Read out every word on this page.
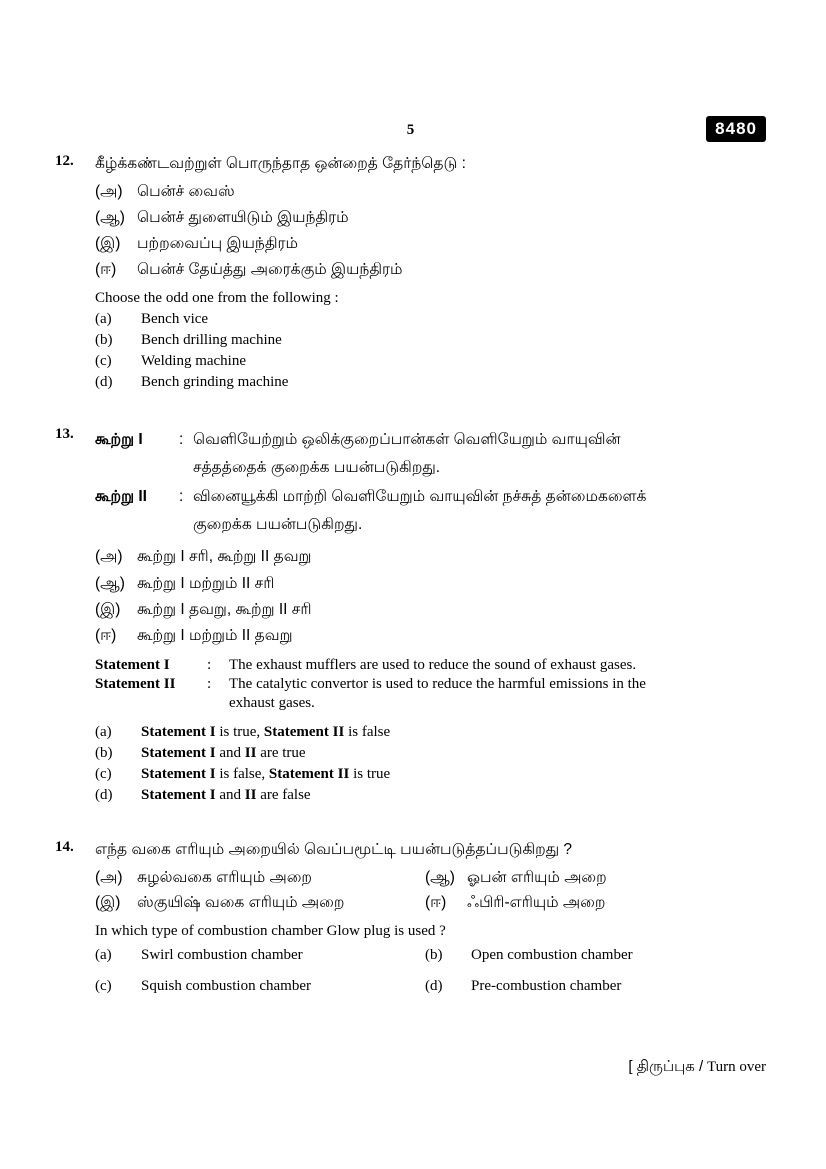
5	8480
12.	கீழ்க்கண்டவற்றுள் பொருந்தாத ஒன்றைத் தேர்ந்தெடு :
(அ) பென்ச் வைஸ்
(ஆ) பென்ச் துளையிடும் இயந்திரம்
(இ)	பற்றவைப்பு இயந்திரம்
(ஈ)	பென்ச் தேய்த்து அரைக்கும் இயந்திரம்
Choose the odd one from the following :
(a)	Bench vice
(b)	Bench drilling machine
(c)	Welding machine
(d)	Bench grinding machine
13.	கூற்று I	: வெளியேற்றும் ஒலிக்குறைப்பான்கள் வெளியேறும் வாயுவின்
சத்தத்தைக் குறைக்க பயன்படுகிறது.
கூற்று II	: வினையூக்கி மாற்றி வெளியேறும் வாயுவின் நச்சுத் தன்மைகளைக்
குறைக்க பயன்படுகிறது.
(அ) கூற்று I சரி, கூற்று II தவறு
(ஆ) கூற்று I மற்றும் II சரி
(இ)	கூற்று I தவறு, கூற்று II சரி
(ஈ)	கூற்று I மற்றும் II தவறு
Statement I	:	The exhaust mufflers are used to reduce the sound of exhaust gases.
Statement II	:	The catalytic convertor is used to reduce the harmful emissions in the
exhaust gases.
(a)	Statement I is true, Statement II is false
(b)	Statement I and II are true
(c)	Statement I is false, Statement II is true
(d)	Statement I and II are false
14.	எந்த வகை எரியும் அறையில் வெப்பமூட்டி பயன்படுத்தப்படுகிறது ?
(அ) சுழல்வகை எரியும் அறை	(ஆ) ஓபன் எரியும் அறை
(இ)	ஸ்குயிஷ் வகை எரியும் அறை	(ஈ)	ஃபிரி-எரியும் அறை
In which type of combustion chamber Glow plug is used ?
(a)	Swirl combustion chamber	(b)	Open combustion chamber
(c)	Squish combustion chamber	(d)	Pre-combustion chamber
[ திருப்புக / Turn over
